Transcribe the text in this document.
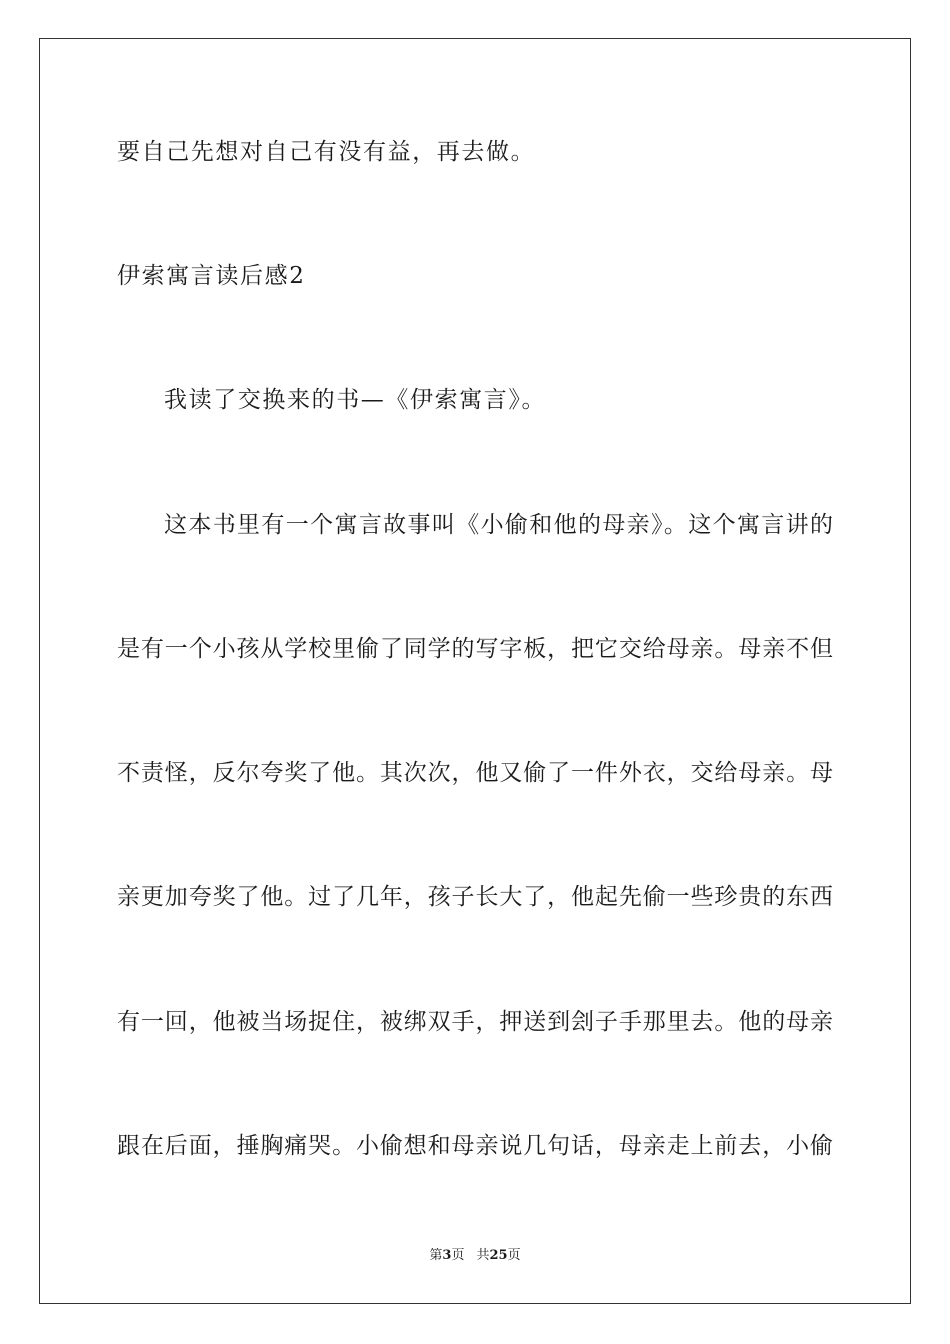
要自己先想对自己有没有益，再去做。
伊索寓言读后感2
我读了交换来的书—《伊索寓言》。
这本书里有一个寓言故事叫《小偷和他的母亲》。这个寓言讲的
是有一个小孩从学校里偷了同学的写字板，把它交给母亲。母亲不但
不责怪，反尔夸奖了他。其次次，他又偷了一件外衣，交给母亲。母
亲更加夸奖了他。过了几年，孩子长大了，他起先偷一些珍贵的东西
有一回，他被当场捉住，被绑双手，押送到刽子手那里去。他的母亲
跟在后面，捶胸痛哭。小偷想和母亲说几句话，母亲走上前去，小偷
第3页 共25页
